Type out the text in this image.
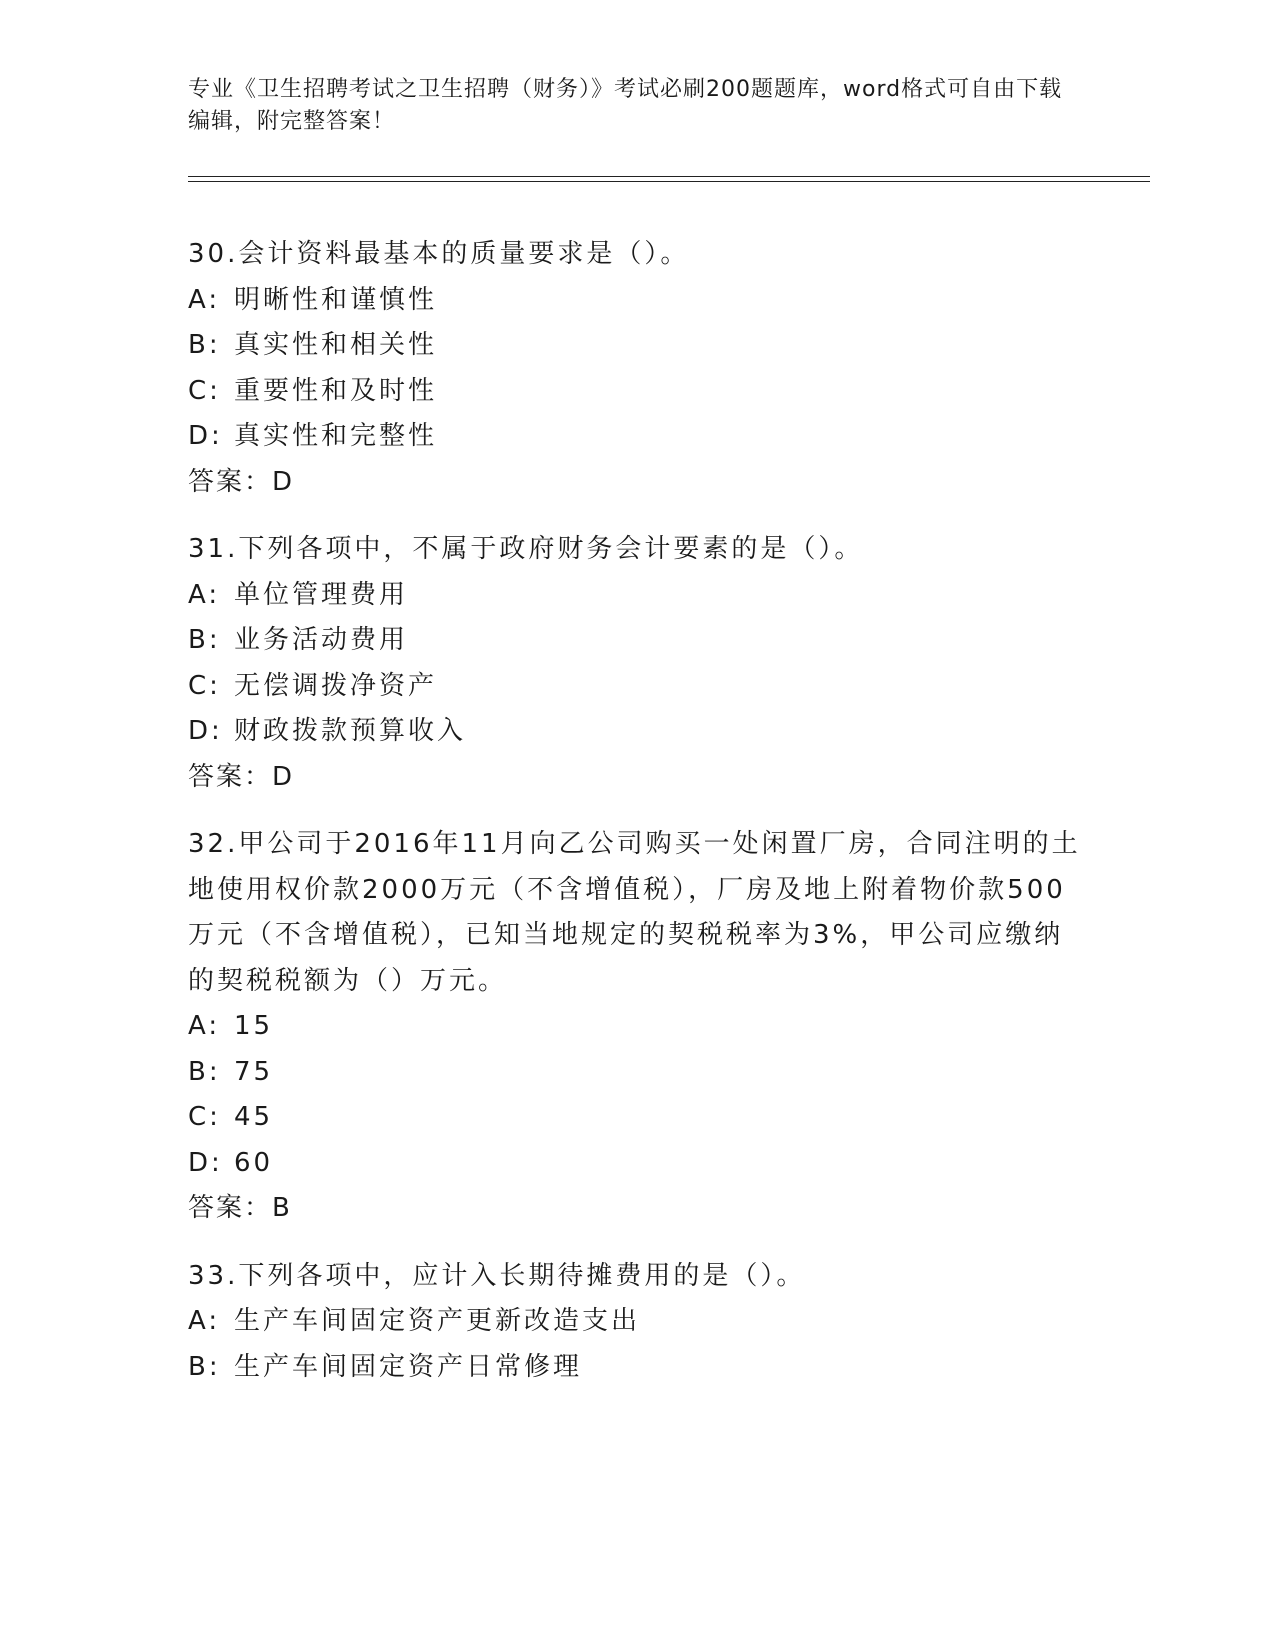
专业《卫生招聘考试之卫生招聘（财务）》考试必刷200题题库，word格式可自由下载编辑，附完整答案！

30.会计资料最基本的质量要求是（）。

A: 明晰性和谨慎性

B: 真实性和相关性

C: 重要性和及时性

D: 真实性和完整性

答案：D

31.下列各项中，不属于政府财务会计要素的是（）。

A: 单位管理费用

B: 业务活动费用

C: 无偿调拨净资产

D: 财政拨款预算收入

答案：D

32.甲公司于2016年11月向乙公司购买一处闲置厂房，合同注明的土地使用权价款2000万元（不含增值税），厂房及地上附着物价款500万元（不含增值税），已知当地规定的契税税率为3%，甲公司应缴纳的契税税额为（）万元。

A: 15

B: 75

C: 45

D: 60

答案：B

33.下列各项中，应计入长期待摊费用的是（）。

A: 生产车间固定资产更新改造支出

B: 生产车间固定资产日常修理
